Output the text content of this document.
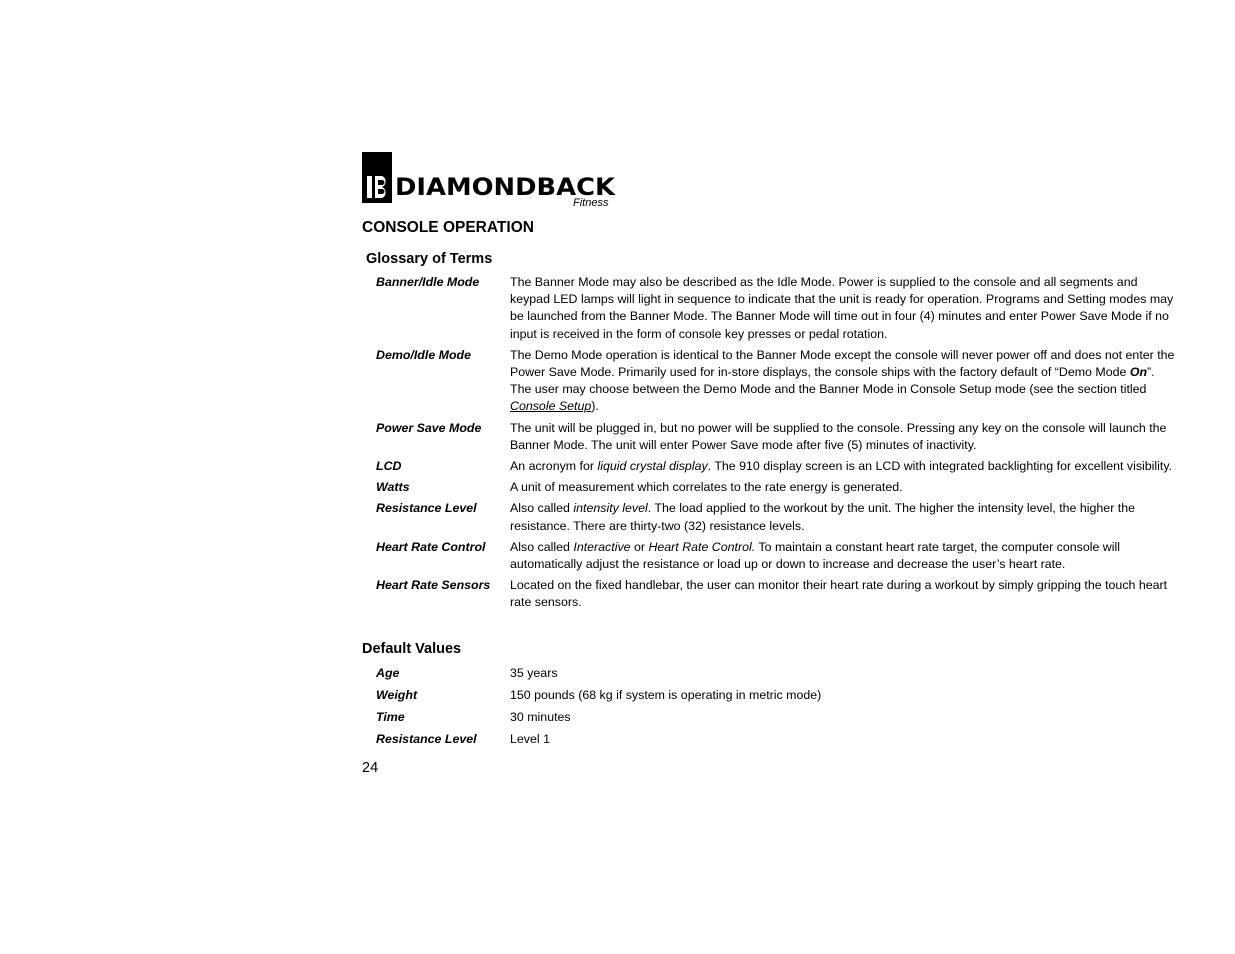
DIAMONDBACK
Fitness
CONSOLE OPERATION
Glossary of Terms
Banner/Idle Mode	The Banner Mode may also be described as the Idle Mode. Power is supplied to the console and all segments and keypad LED lamps will light in sequence to indicate that the unit is ready for operation. Programs and Setting modes may be launched from the Banner Mode. The Banner Mode will time out in four (4) minutes and enter Power Save Mode if no input is received in the form of console key presses or pedal rotation.
Demo/Idle Mode	The Demo Mode operation is identical to the Banner Mode except the console will never power off and does not enter the Power Save Mode. Primarily used for in-store displays, the console ships with the factory default of “Demo Mode On”. The user may choose between the Demo Mode and the Banner Mode in Console Setup mode (see the section titled Console Setup).
Power Save Mode	The unit will be plugged in, but no power will be supplied to the console. Pressing any key on the console will launch the Banner Mode. The unit will enter Power Save mode after five (5) minutes of inactivity.
LCD	An acronym for liquid crystal display. The 910 display screen is an LCD with integrated backlighting for excellent visibility.
Watts	A unit of measurement which correlates to the rate energy is generated.
Resistance Level	Also called intensity level. The load applied to the workout by the unit. The higher the intensity level, the higher the resistance. There are thirty-two (32) resistance levels.
Heart Rate Control	Also called Interactive or Heart Rate Control. To maintain a constant heart rate target, the computer console will automatically adjust the resistance or load up or down to increase and decrease the user’s heart rate.
Heart Rate Sensors	Located on the fixed handlebar, the user can monitor their heart rate during a workout by simply gripping the touch heart rate sensors.
Default Values
Age	35 years
Weight	150 pounds (68 kg if system is operating in metric mode)
Time	30 minutes
Resistance Level	Level 1
24
